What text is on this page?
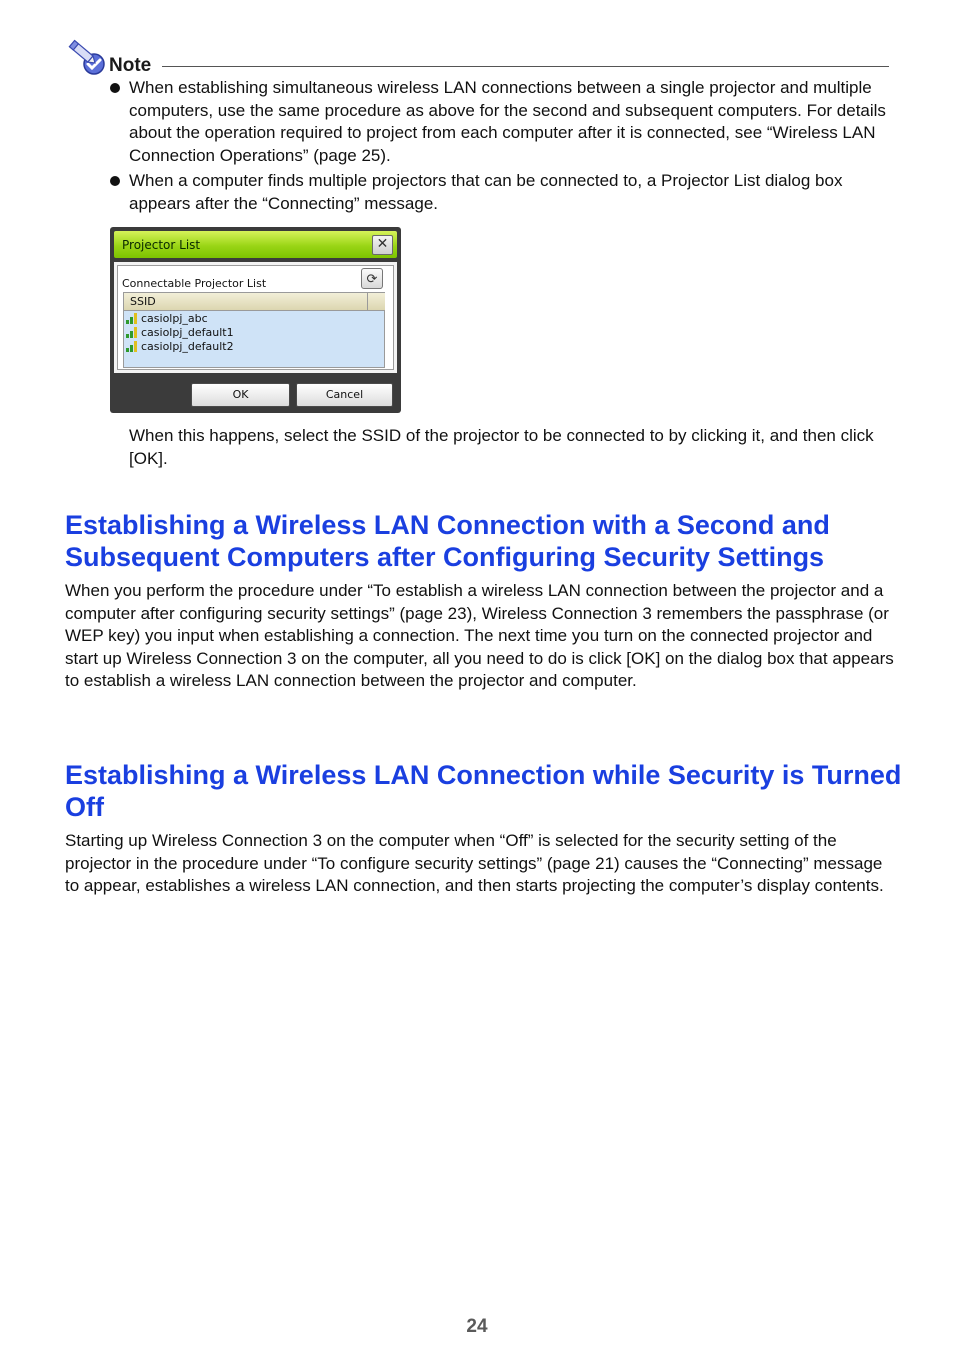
Note
When establishing simultaneous wireless LAN connections between a single projector and multiple computers, use the same procedure as above for the second and subsequent computers. For details about the operation required to project from each computer after it is connected, see “Wireless LAN Connection Operations” (page 25).
When a computer finds multiple projectors that can be connected to, a Projector List dialog box appears after the “Connecting” message.
Projector List	✕
Connectable Projector List	⟳
SSID
casiolpj_abc
casiolpj_default1
casiolpj_default2
OK	Cancel
When this happens, select the SSID of the projector to be connected to by clicking it, and then click [OK].
Establishing a Wireless LAN Connection with a Second and Subsequent Computers after Configuring Security Settings
When you perform the procedure under “To establish a wireless LAN connection between the projector and a computer after configuring security settings” (page 23), Wireless Connection 3 remembers the passphrase (or WEP key) you input when establishing a connection. The next time you turn on the connected projector and start up Wireless Connection 3 on the computer, all you need to do is click [OK] on the dialog box that appears to establish a wireless LAN connection between the projector and computer.
Establishing a Wireless LAN Connection while Security is Turned Off
Starting up Wireless Connection 3 on the computer when “Off” is selected for the security setting of the projector in the procedure under “To configure security settings” (page 21) causes the “Connecting” message to appear, establishes a wireless LAN connection, and then starts projecting the computer’s display contents.
24
